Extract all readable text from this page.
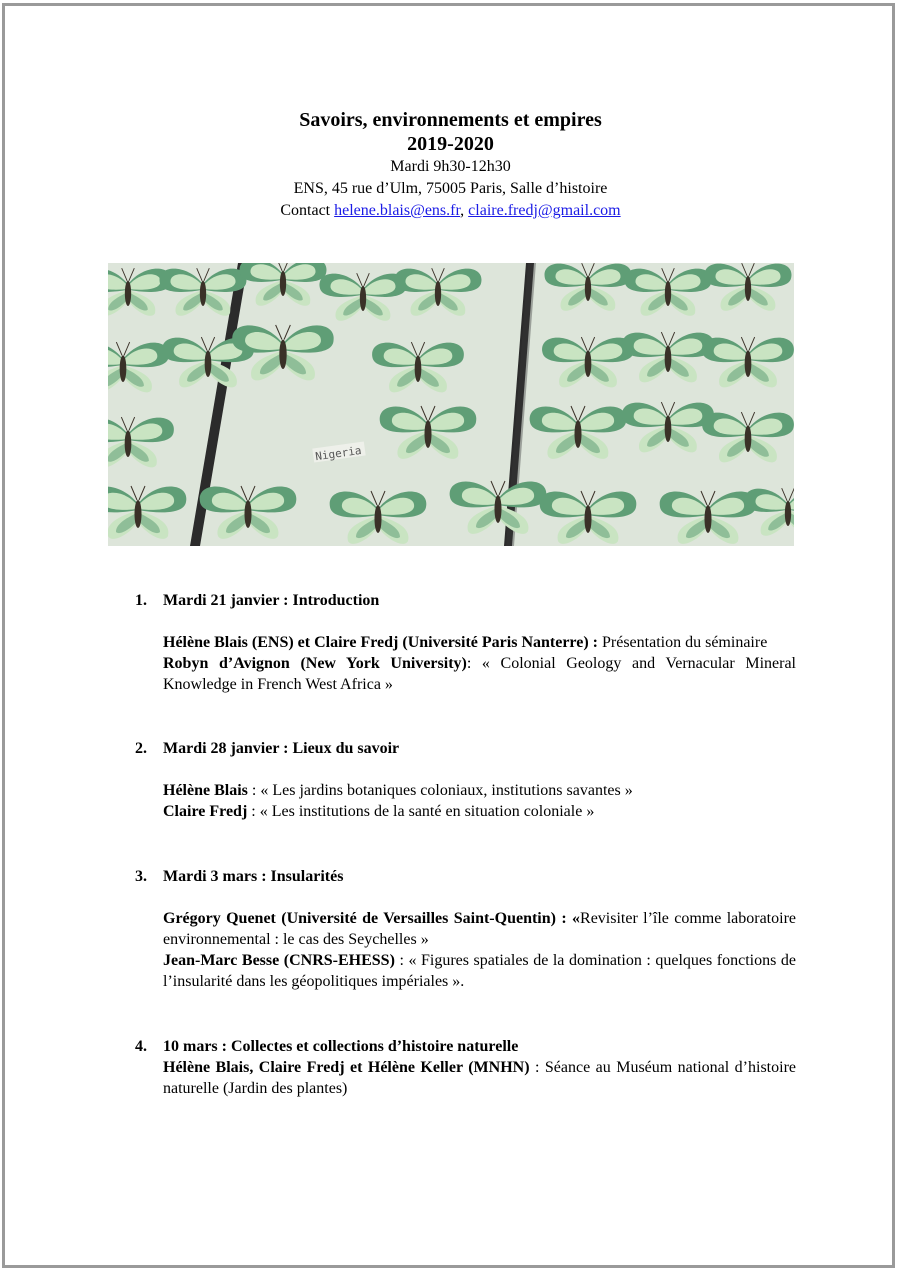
Savoirs, environnements et empires
2019-2020
Mardi 9h30-12h30
ENS, 45 rue d’Ulm, 75005 Paris, Salle d’histoire
Contact helene.blais@ens.fr, claire.fredj@gmail.com
Nigeria
1. Mardi 21 janvier : Introduction
Hélène Blais (ENS) et Claire Fredj (Université Paris Nanterre) : Présentation du séminaire
Robyn d’Avignon (New York University): « Colonial Geology and Vernacular Mineral Knowledge in French West Africa »
2. Mardi 28 janvier : Lieux du savoir
Hélène Blais : « Les jardins botaniques coloniaux, institutions savantes »
Claire Fredj : « Les institutions de la santé en situation coloniale »
3. Mardi 3 mars : Insularités
Grégory Quenet (Université de Versailles Saint-Quentin) : «Revisiter l’île comme laboratoire environnemental : le cas des Seychelles »
Jean-Marc Besse (CNRS-EHESS) : « Figures spatiales de la domination : quelques fonctions de l’insularité dans les géopolitiques impériales ».
4. 10 mars : Collectes et collections d’histoire naturelle
Hélène Blais, Claire Fredj et Hélène Keller (MNHN) : Séance au Muséum national d’histoire naturelle (Jardin des plantes)
